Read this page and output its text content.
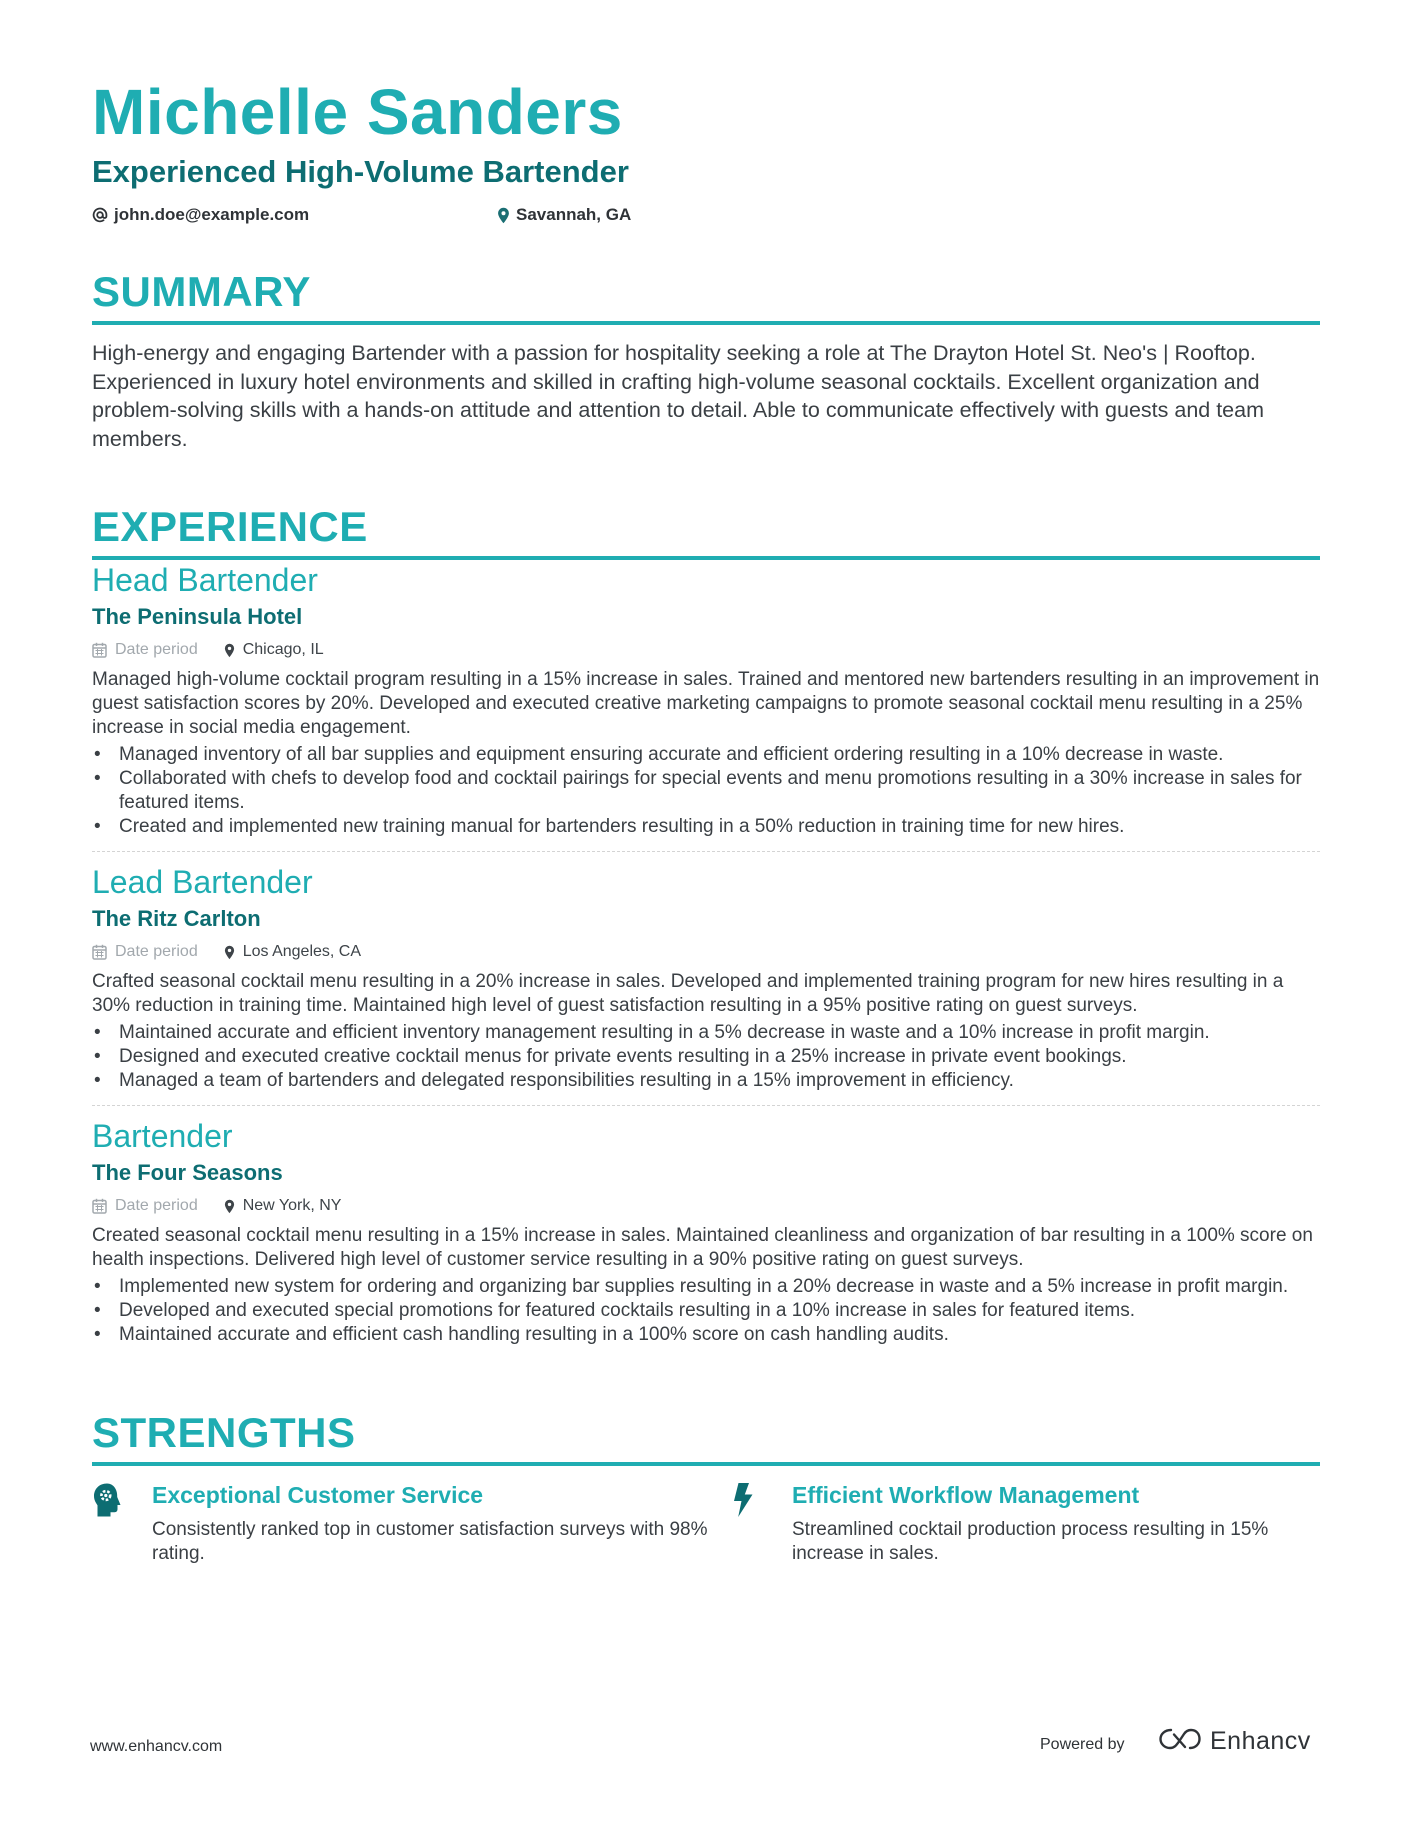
Michelle Sanders
Experienced High-Volume Bartender
john.doe@example.com	Savannah, GA
SUMMARY
High-energy and engaging Bartender with a passion for hospitality seeking a role at The Drayton Hotel St. Neo's | Rooftop. Experienced in luxury hotel environments and skilled in crafting high-volume seasonal cocktails. Excellent organization and problem-solving skills with a hands-on attitude and attention to detail. Able to communicate effectively with guests and team members.
EXPERIENCE
Head Bartender
The Peninsula Hotel
Date period	Chicago, IL
Managed high-volume cocktail program resulting in a 15% increase in sales. Trained and mentored new bartenders resulting in an improvement in guest satisfaction scores by 20%. Developed and executed creative marketing campaigns to promote seasonal cocktail menu resulting in a 25% increase in social media engagement.
• Managed inventory of all bar supplies and equipment ensuring accurate and efficient ordering resulting in a 10% decrease in waste.
• Collaborated with chefs to develop food and cocktail pairings for special events and menu promotions resulting in a 30% increase in sales for featured items.
• Created and implemented new training manual for bartenders resulting in a 50% reduction in training time for new hires.
Lead Bartender
The Ritz Carlton
Date period	Los Angeles, CA
Crafted seasonal cocktail menu resulting in a 20% increase in sales. Developed and implemented training program for new hires resulting in a 30% reduction in training time. Maintained high level of guest satisfaction resulting in a 95% positive rating on guest surveys.
• Maintained accurate and efficient inventory management resulting in a 5% decrease in waste and a 10% increase in profit margin.
• Designed and executed creative cocktail menus for private events resulting in a 25% increase in private event bookings.
• Managed a team of bartenders and delegated responsibilities resulting in a 15% improvement in efficiency.
Bartender
The Four Seasons
Date period	New York, NY
Created seasonal cocktail menu resulting in a 15% increase in sales. Maintained cleanliness and organization of bar resulting in a 100% score on health inspections. Delivered high level of customer service resulting in a 90% positive rating on guest surveys.
• Implemented new system for ordering and organizing bar supplies resulting in a 20% decrease in waste and a 5% increase in profit margin.
• Developed and executed special promotions for featured cocktails resulting in a 10% increase in sales for featured items.
• Maintained accurate and efficient cash handling resulting in a 100% score on cash handling audits.
STRENGTHS
Exceptional Customer Service
Consistently ranked top in customer satisfaction surveys with 98% rating.
Efficient Workflow Management
Streamlined cocktail production process resulting in 15% increase in sales.
www.enhancv.com	Powered by	Enhancv
